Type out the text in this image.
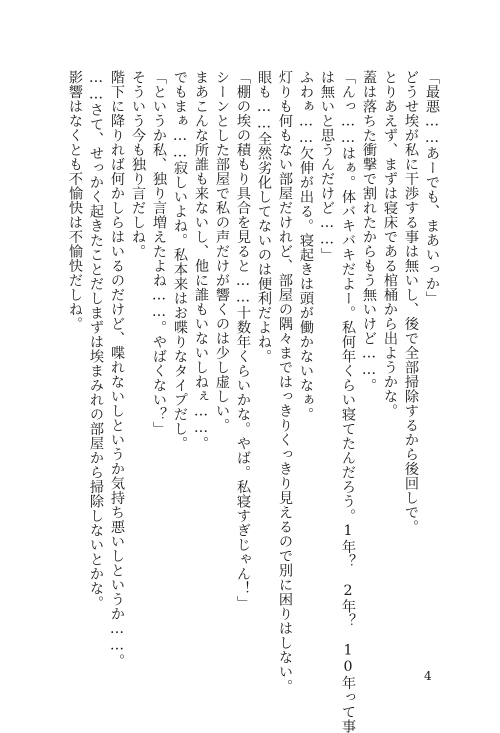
「最悪……あーでも、まあいっか」
どうせ埃が私に干渉する事は無いし、後で全部掃除するから後回しで。
とりあえず、まずは寝床である棺桶から出ようかな。
蓋は落ちた衝撃で割れたからもう無いけど……。
「んっ……はぁ。体バキバキだよー。私何年くらい寝てたんだろう。1年？　2年？　10年って事
は無いと思うんだけど……」
ふわぁ……欠伸が出る。寝起きは頭が働かないなぁ。
灯りも何もない部屋だけれど、部屋の隅々まではっきりくっきり見えるので別に困りはしない。
眼も……全然劣化してないのは便利だよね。
「棚の埃の積もり具合を見ると……十数年くらいかな。やば。私寝すぎじゃん！」
シーンとした部屋で私の声だけが響くのは少し虚しい。
まあこんな所誰も来ないし、他に誰もいないしねぇ……。
でもまぁ……寂しいよね。私本来はお喋りなタイプだし。
「というか私、独り言増えたよね……。やばくない？」
そういう今も独り言だしね。
階下に降りれば何かしらはいるのだけど、喋れないしというか気持ち悪いしというか……。
……さて、せっかく起きたことだしまずは埃まみれの部屋から掃除しないとかな。
影響はなくとも不愉快は不愉快だしね。
4
